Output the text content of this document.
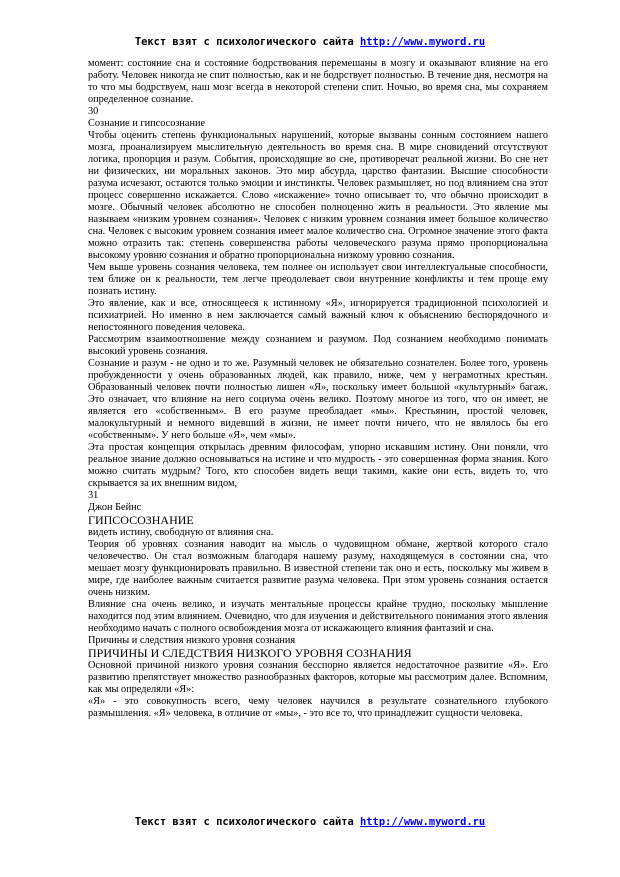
Текст взят с психологического сайта http://www.myword.ru

момент: состояние сна и состояние бодрствования перемешаны в мозгу и оказывают влияние на его работу. Человек никогда не спит полностью, как и не бодрствует полностью. В течение дня, несмотря на то что мы бодрствуем, наш мозг всегда в некоторой степени спит. Ночью, во время сна, мы сохраняем определенное сознание.

30

Сознание и гипсосознание

Чтобы оценить степень функциональных нарушений, которые вызваны сонным состоянием нашего мозга, проанализируем мыслительную деятельность во время сна. В мире сновидений отсутствуют логика, пропорция и разум. События, происходящие во сне, противоречат реальной жизни. Во сне нет ни физических, ни моральных законов. Это мир абсурда, царство фантазии. Высшие способности разума исчезают, остаются только эмоции и инстинкты. Человек размышляет, но под влиянием сна этот процесс совершенно искажается. Слово «искажение» точно описывает то, что обычно происходит в мозге. Обычный человек абсолютно не способен полноценно жить в реальности. Это явление мы называем «низким уровнем сознания». Человек с низким уровнем сознания имеет большое количество сна. Человек с высоким уровнем сознания имеет малое количество сна. Огромное значение этого факта можно отразить так: степень совершенства работы человеческого разума прямо пропорциональна высокому уровню сознания и обратно пропорциональна низкому уровню сознания.

Чем выше уровень сознания человека, тем полнее он использует свои интеллектуальные способности, тем ближе он к реальности, тем легче преодолевает свои внутренние конфликты и тем проще ему познать истину.

Это явление, как и все, относящееся к истинному «Я», игнорируется традиционной психологией и психиатрией. Но именно в нем заключается самый важный ключ к объяснению беспорядочного и непостоянного поведения человека.

Рассмотрим взаимоотношение между сознанием и разумом. Под сознанием необходимо понимать высокий уровень сознания.

Сознание и разум - не одно и то же. Разумный человек не обязательно сознателен. Более того, уровень пробужденности у очень образованных людей, как правило, ниже, чем у неграмотных крестьян. Образованный человек почти полностью лишен «Я», поскольку имеет большой «культурный» багаж. Это означает, что влияние на него социума очень велико. Поэтому многое из того, что он имеет, не является его «собственным». В его разуме преобладает «мы». Крестьянин, простой человек, малокультурный и немного видевший в жизни, не имеет почти ничего, что не являлось бы его «собственным». У него больше «Я», чем «мы».

Эта простая концепция открылась древним философам, упорно искавшим истину. Они поняли, что реальное знание должно основываться на истине и что мудрость - это совершенная форма знания. Кого можно считать мудрым? Того, кто способен видеть вещи такими, какие они есть, видеть то, что скрывается за их внешним видом,

31

Джон Бейнс

ГИПСОСОЗНАНИЕ

видеть истину, свободную от влияния сна.

Теория об уровнях сознания наводит на мысль о чудовищном обмане, жертвой которого стало человечество. Он стал возможным благодаря нашему разуму, находящемуся в состоянии сна, что мешает мозгу функционировать правильно. В известной степени так оно и есть, поскольку мы живем в мире, где наиболее важным считается развитие разума человека. При этом уровень сознания остается очень низким.

Влияние сна очень велико, и изучать ментальные процессы крайне трудно, поскольку мышление находится под этим влиянием. Очевидно, что для изучения и действительного понимания этого явления необходимо начать с полного освобождения мозга от искажающего влияния фантазий и сна.

Причины и следствия низкого уровня сознания

ПРИЧИНЫ И СЛЕДСТВИЯ НИЗКОГО УРОВНЯ СОЗНАНИЯ

Основной причиной низкого уровня сознания бесспорно является недостаточное развитие «Я». Его развитию препятствует множество разнообразных факторов, которые мы рассмотрим далее. Вспомним, как мы определяли «Я»:

«Я» - это совокупность всего, чему человек научился в результате сознательного глубокого размышления. «Я» человека, в отличие от «мы», - это все то, что принадлежит сущности человека.

Текст взят с психологического сайта http://www.myword.ru
